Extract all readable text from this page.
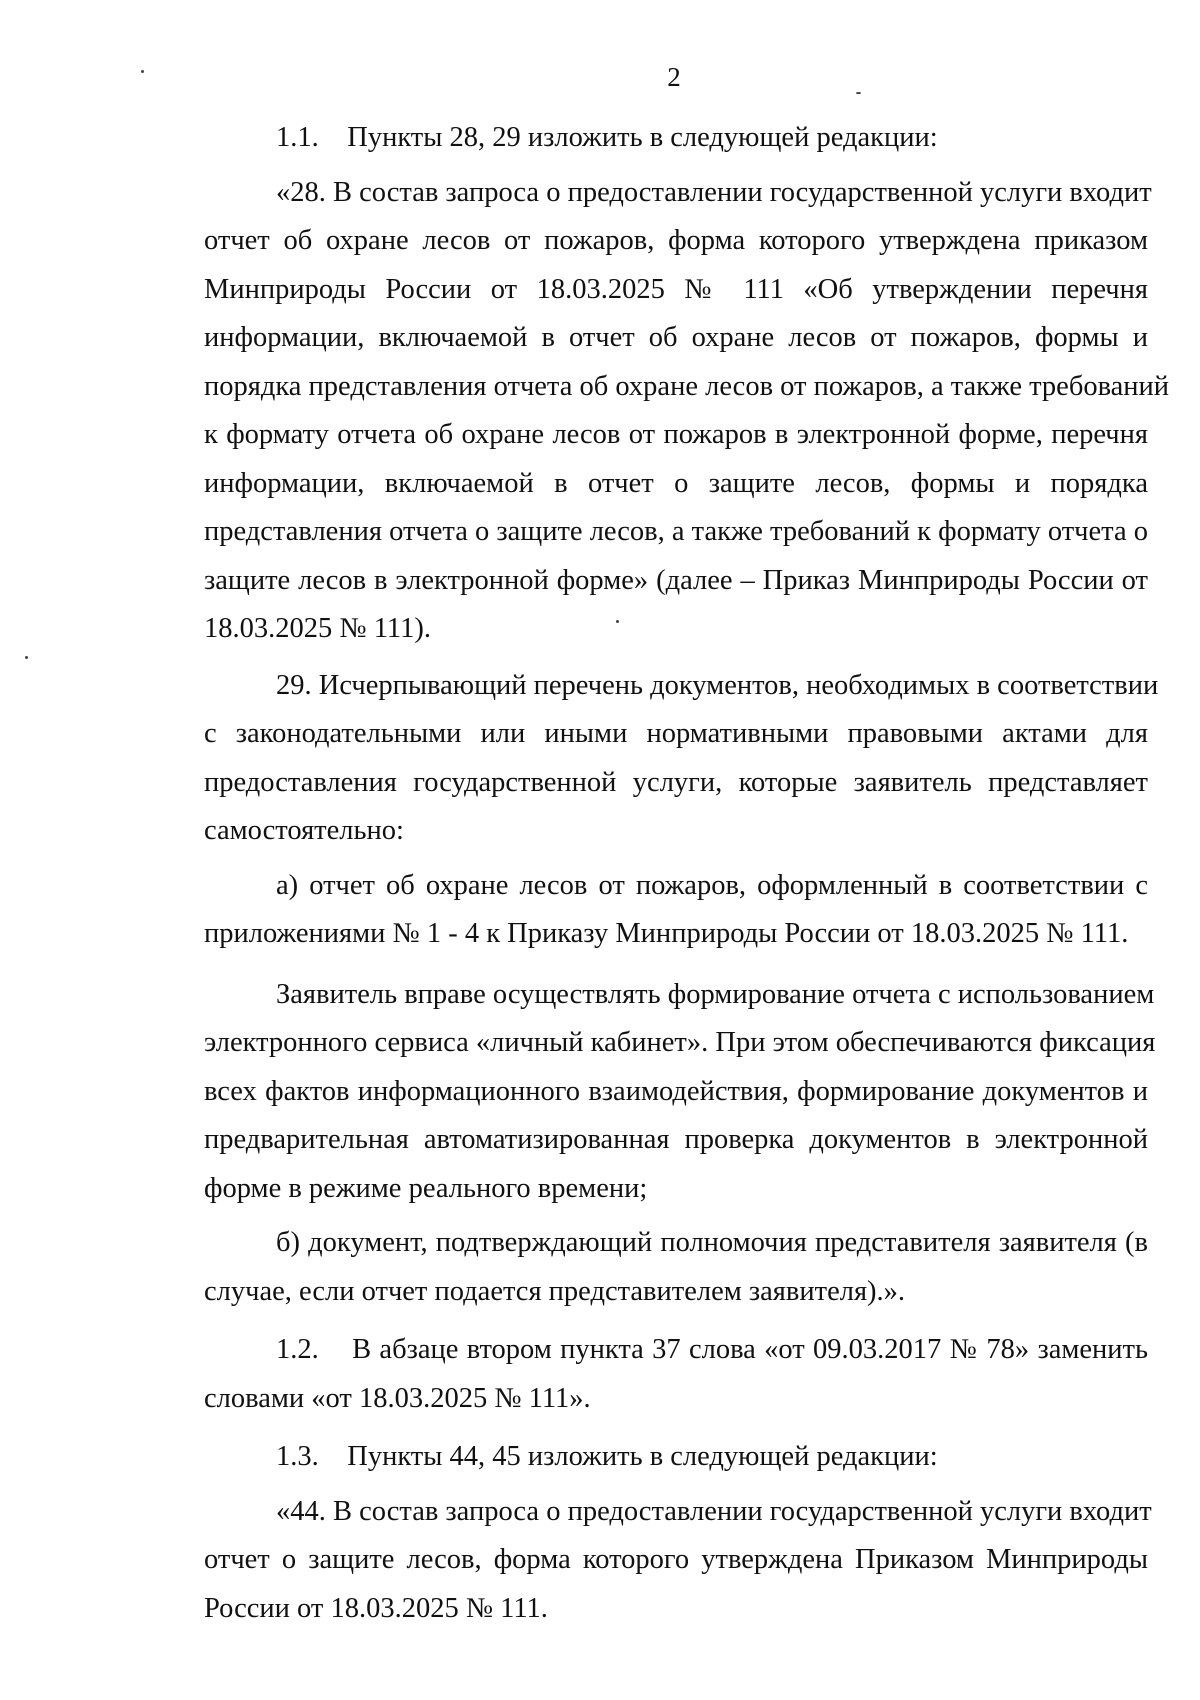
2
1.1.    Пункты 28, 29 изложить в следующей редакции:
«28. В состав запроса о предоставлении государственной услуги входит
отчет об охране лесов от пожаров, форма которого утверждена приказом
Минприроды России от 18.03.2025 № 111 «Об утверждении перечня
информации, включаемой в отчет об охране лесов от пожаров, формы и
порядка представления отчета об охране лесов от пожаров, а также требований
к формату отчета об охране лесов от пожаров в электронной форме, перечня
информации, включаемой в отчет о защите лесов, формы и порядка
представления отчета о защите лесов, а также требований к формату отчета о
защите лесов в электронной форме» (далее – Приказ Минприроды России от
18.03.2025 № 111).
29. Исчерпывающий перечень документов, необходимых в соответствии
с законодательными или иными нормативными правовыми актами для
предоставления государственной услуги, которые заявитель представляет
самостоятельно:
а) отчет об охране лесов от пожаров, оформленный в соответствии с
приложениями № 1 - 4 к Приказу Минприроды России от 18.03.2025 № 111.
Заявитель вправе осуществлять формирование отчета с использованием
электронного сервиса «личный кабинет». При этом обеспечиваются фиксация
всех фактов информационного взаимодействия, формирование документов и
предварительная автоматизированная проверка документов в электронной
форме в режиме реального времени;
б) документ, подтверждающий полномочия представителя заявителя (в
случае, если отчет подается представителем заявителя).».
1.2.    В абзаце втором пункта 37 слова «от 09.03.2017 № 78» заменить
словами «от 18.03.2025 № 111».
1.3.    Пункты 44, 45 изложить в следующей редакции:
«44. В состав запроса о предоставлении государственной услуги входит
отчет о защите лесов, форма которого утверждена Приказом Минприроды
России от 18.03.2025 № 111.
